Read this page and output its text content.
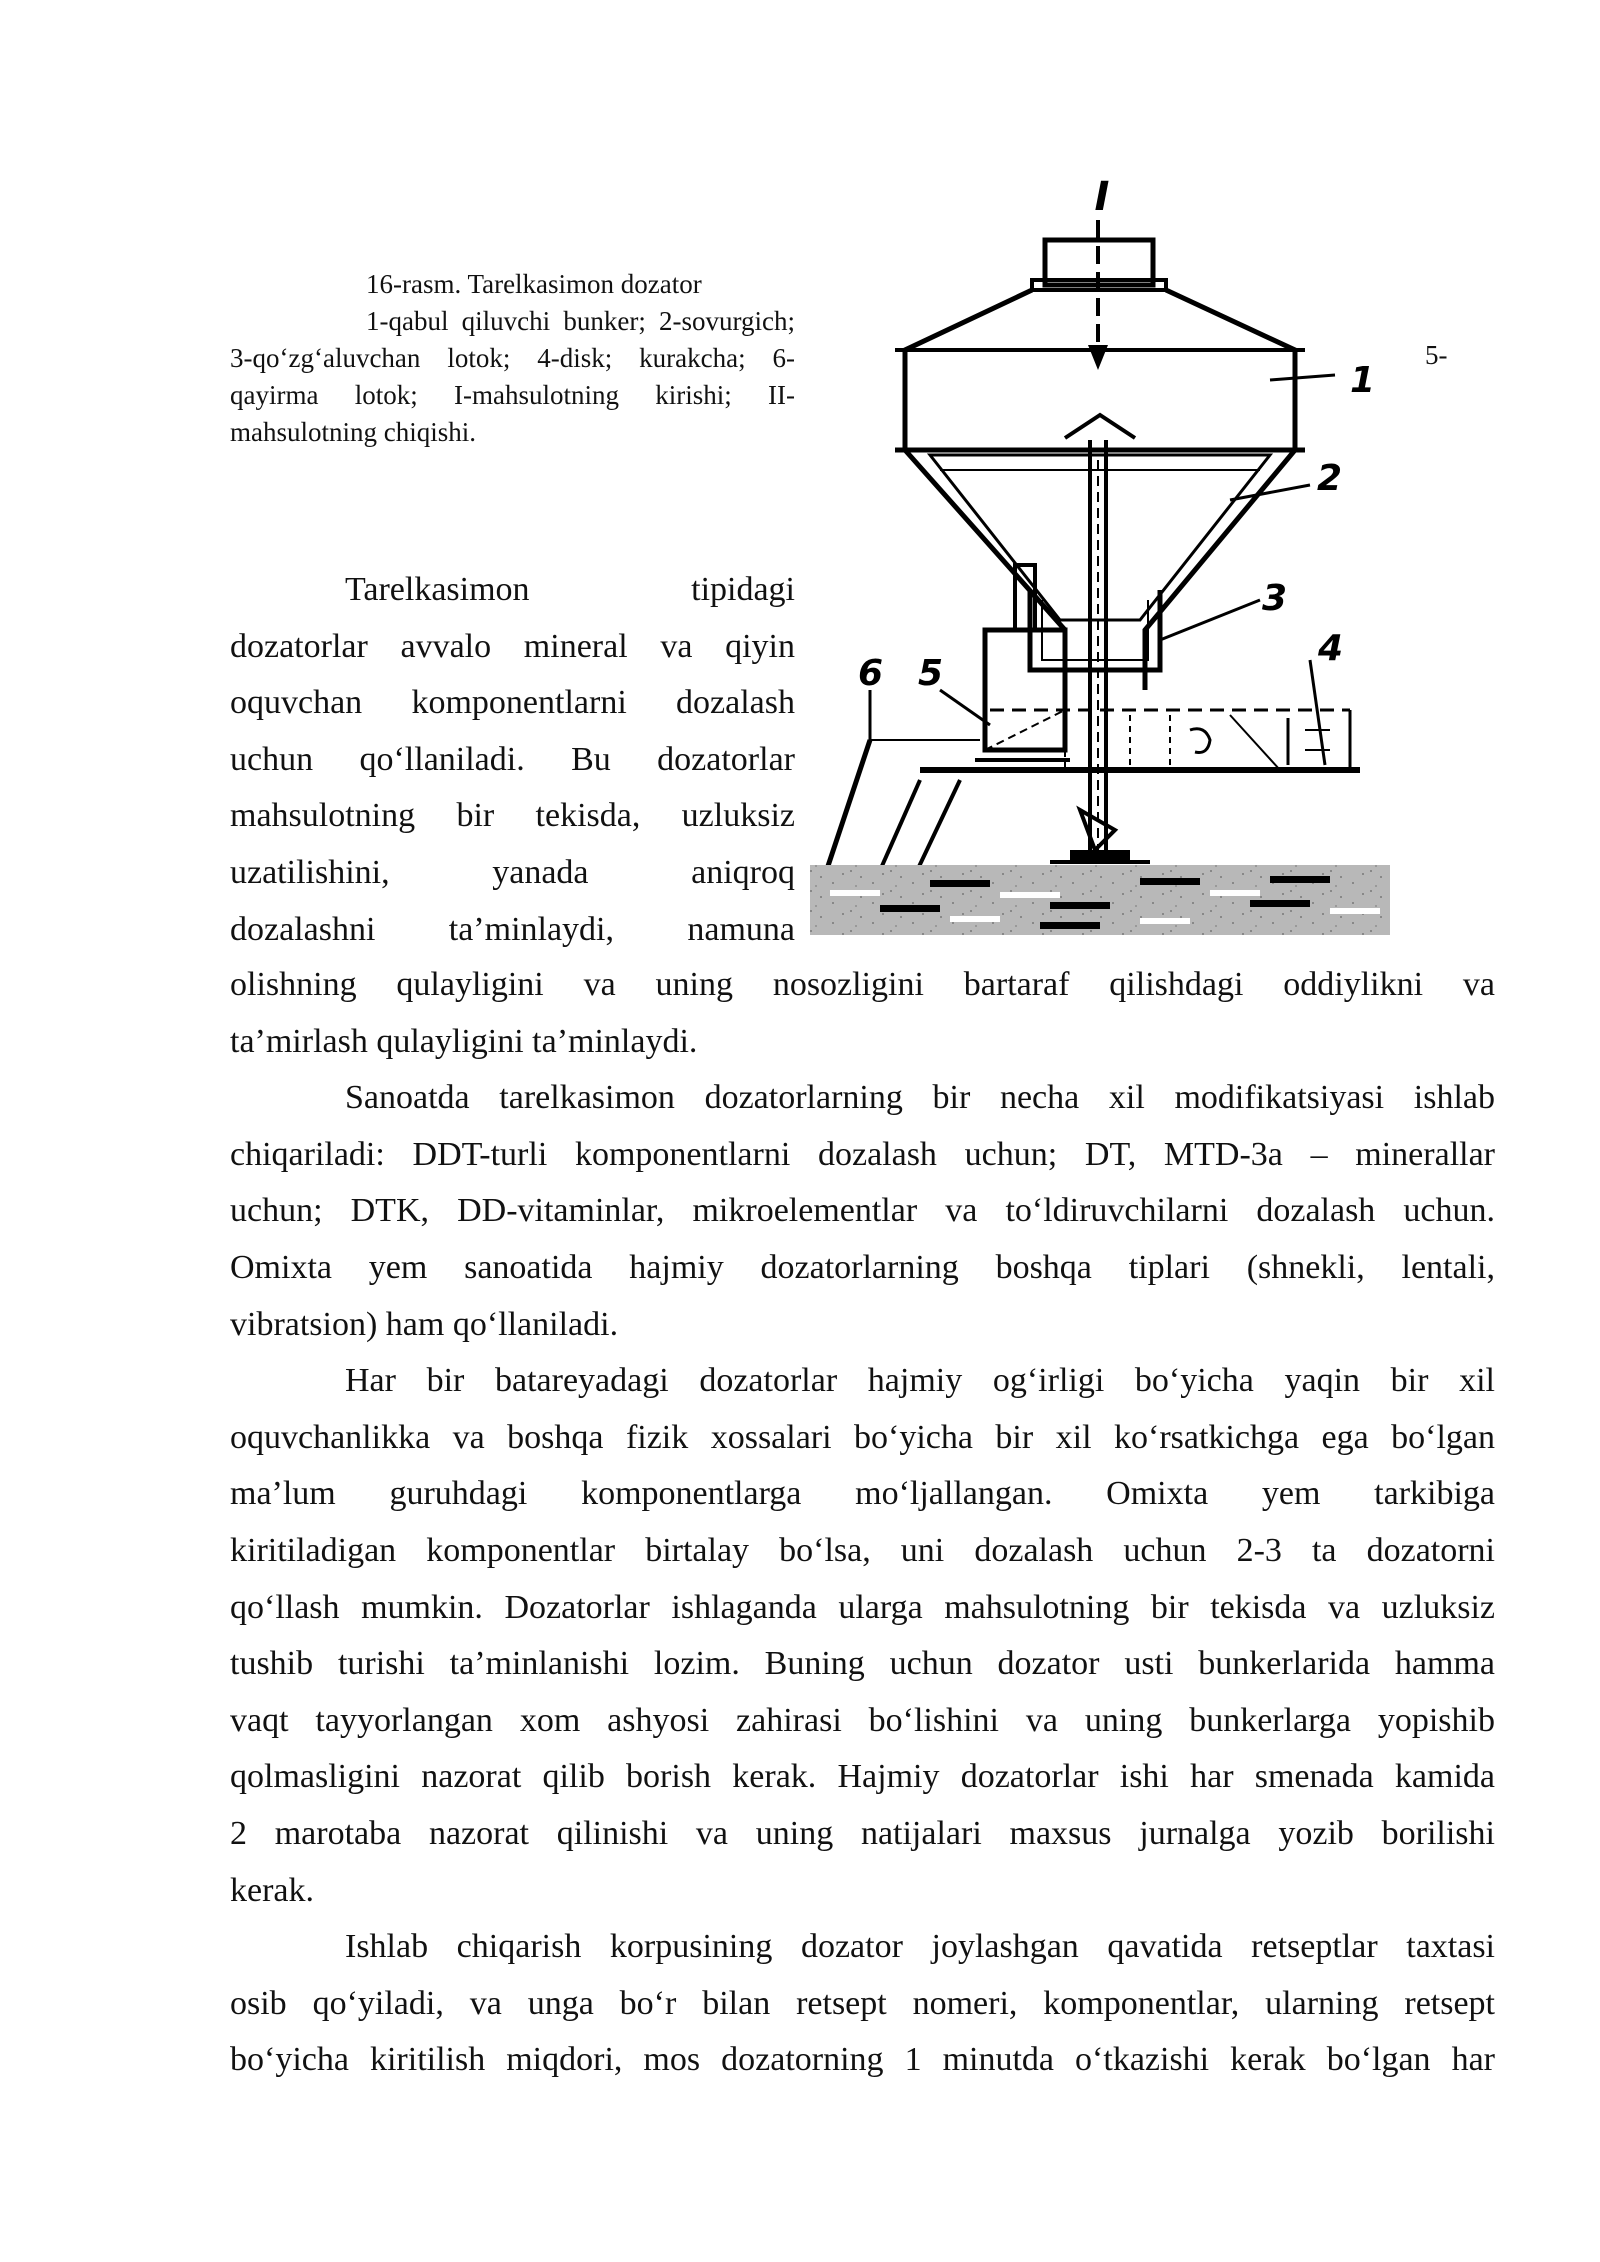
16-rasm. Tarelkasimon dozator
1-qabul qiluvchi bunker; 2-sovurgich; 3-qo‘zg‘aluvchan lotok; 4-disk; kurakcha; 6-qayirma lotok; I-mahsulotning kirishi; II-mahsulotning chiqishi.
5-
I
1
2
3
4
5
6
Tarelkasimon tipidagi
dozatorlar avvalo mineral va qiyin
oquvchan komponentlarni dozalash
uchun qo‘llaniladi. Bu dozatorlar
mahsulotning bir tekisda, uzluksiz
uzatilishini, yanada aniqroq
dozalashni ta’minlaydi, namuna
olishning qulayligini va uning nosozligini bartaraf qilishdagi oddiylikni va
ta’mirlash qulayligini ta’minlaydi.
Sanoatda tarelkasimon dozatorlarning bir necha xil modifikatsiyasi ishlab
chiqariladi: DDT-turli komponentlarni dozalash uchun; DT, MTD-3a – minerallar
uchun; DTK, DD-vitaminlar, mikroelementlar va to‘ldiruvchilarni dozalash uchun.
Omixta yem sanoatida hajmiy dozatorlarning boshqa tiplari (shnekli, lentali,
vibratsion) ham qo‘llaniladi.
Har bir batareyadagi dozatorlar hajmiy og‘irligi bo‘yicha yaqin bir xil
oquvchanlikka va boshqa fizik xossalari bo‘yicha bir xil ko‘rsatkichga ega bo‘lgan
ma’lum guruhdagi komponentlarga mo‘ljallangan. Omixta yem tarkibiga
kiritiladigan komponentlar birtalay bo‘lsa, uni dozalash uchun 2-3 ta dozatorni
qo‘llash mumkin. Dozatorlar ishlaganda ularga mahsulotning bir tekisda va uzluksiz
tushib turishi ta’minlanishi lozim. Buning uchun dozator usti bunkerlarida hamma
vaqt tayyorlangan xom ashyosi zahirasi bo‘lishini va uning bunkerlarga yopishib
qolmasligini nazorat qilib borish kerak. Hajmiy dozatorlar ishi har smenada kamida
2 marotaba nazorat qilinishi va uning natijalari maxsus jurnalga yozib borilishi
kerak.
Ishlab chiqarish korpusining dozator joylashgan qavatida retseptlar taxtasi
osib qo‘yiladi, va unga bo‘r bilan retsept nomeri, komponentlar, ularning retsept
bo‘yicha kiritilish miqdori, mos dozatorning 1 minutda o‘tkazishi kerak bo‘lgan har
